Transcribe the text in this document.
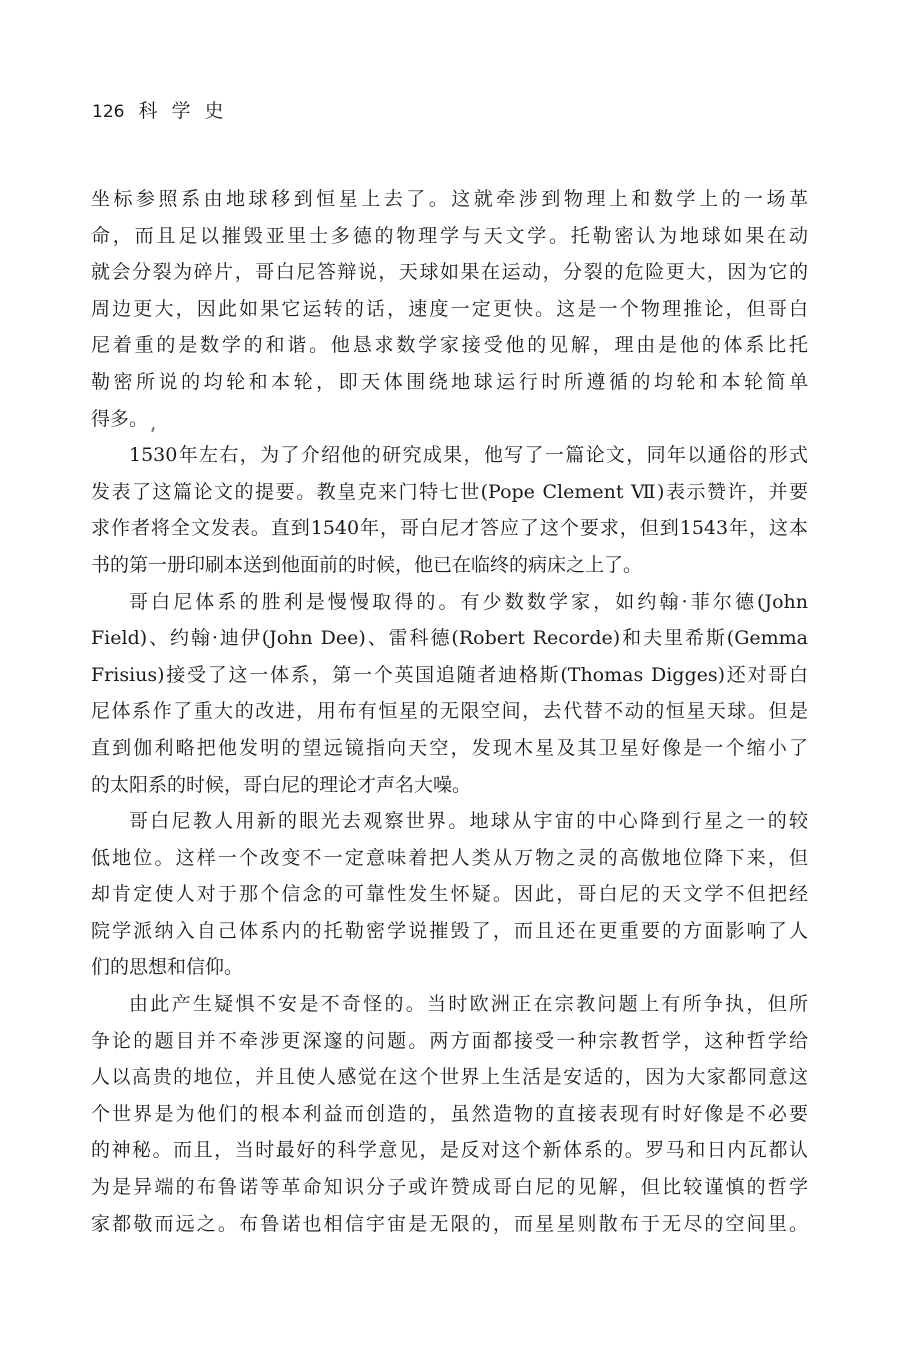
126 科学史
坐标参照系由地球移到恒星上去了。这就牵涉到物理上和数学上的一场革
命，而且足以摧毁亚里士多德的物理学与天文学。托勒密认为地球如果在动
就会分裂为碎片，哥白尼答辩说，天球如果在运动，分裂的危险更大，因为它的
周边更大，因此如果它运转的话，速度一定更快。这是一个物理推论，但哥白
尼着重的是数学的和谐。他恳求数学家接受他的见解，理由是他的体系比托
勒密所说的均轮和本轮，即天体围绕地球运行时所遵循的均轮和本轮简单
得多。
1530年左右，为了介绍他的研究成果，他写了一篇论文，同年以通俗的形式
发表了这篇论文的提要。教皇克来门特七世(Pope Clement Ⅶ)表示赞许，并要
求作者将全文发表。直到1540年，哥白尼才答应了这个要求，但到1543年，这本
书的第一册印刷本送到他面前的时候，他已在临终的病床之上了。
哥白尼体系的胜利是慢慢取得的。有少数数学家，如约翰·菲尔德(John
Field)、约翰·迪伊(John Dee)、雷科德(Robert Recorde)和夫里希斯(Gemma
Frisius)接受了这一体系，第一个英国追随者迪格斯(Thomas Digges)还对哥白
尼体系作了重大的改进，用布有恒星的无限空间，去代替不动的恒星天球。但是
直到伽利略把他发明的望远镜指向天空，发现木星及其卫星好像是一个缩小了
的太阳系的时候，哥白尼的理论才声名大噪。
哥白尼教人用新的眼光去观察世界。地球从宇宙的中心降到行星之一的较
低地位。这样一个改变不一定意味着把人类从万物之灵的高傲地位降下来，但
却肯定使人对于那个信念的可靠性发生怀疑。因此，哥白尼的天文学不但把经
院学派纳入自己体系内的托勒密学说摧毁了，而且还在更重要的方面影响了人
们的思想和信仰。
由此产生疑惧不安是不奇怪的。当时欧洲正在宗教问题上有所争执，但所
争论的题目并不牵涉更深邃的问题。两方面都接受一种宗教哲学，这种哲学给
人以高贵的地位，并且使人感觉在这个世界上生活是安适的，因为大家都同意这
个世界是为他们的根本利益而创造的，虽然造物的直接表现有时好像是不必要
的神秘。而且，当时最好的科学意见，是反对这个新体系的。罗马和日内瓦都认
为是异端的布鲁诺等革命知识分子或许赞成哥白尼的见解，但比较谨慎的哲学
家都敬而远之。布鲁诺也相信宇宙是无限的，而星星则散布于无尽的空间里。
